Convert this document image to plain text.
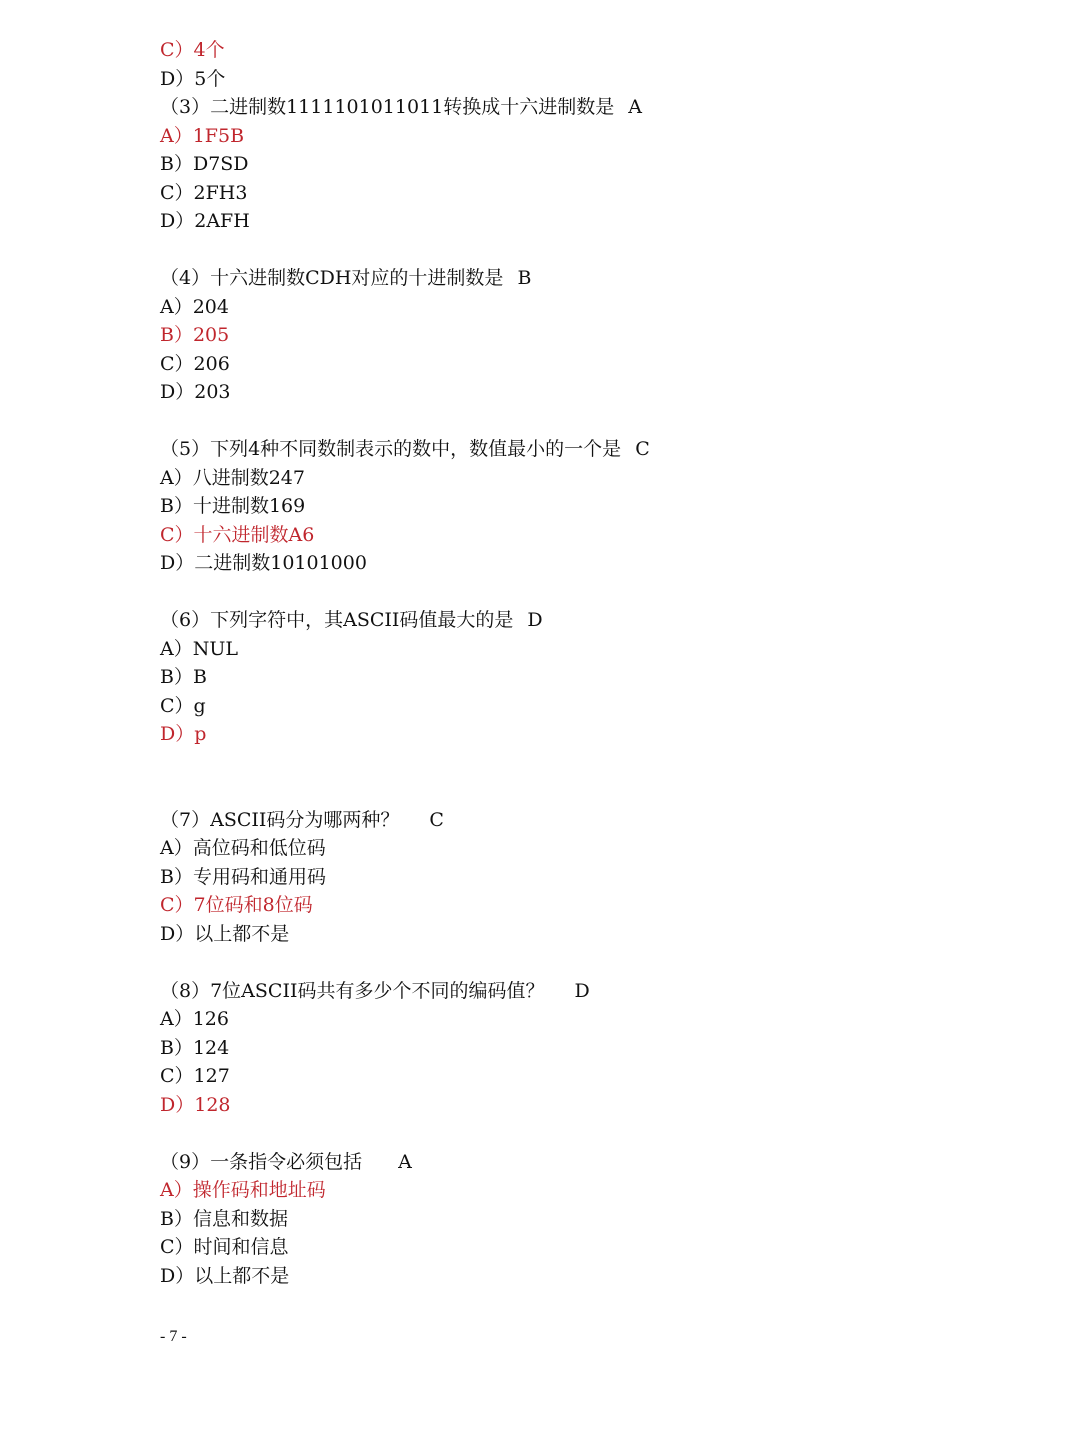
C）4个
D）5个
（3）二进制数1111101011011转换成十六进制数是 A
A）1F5B
B）D7SD
C）2FH3
D）2AFH
（4）十六进制数CDH对应的十进制数是 B
A）204
B）205
C）206
D）203
（5）下列4种不同数制表示的数中，数值最小的一个是 C
A）八进制数247
B）十进制数169
C）十六进制数A6
D）二进制数10101000
（6）下列字符中，其ASCII码值最大的是 D
A）NUL
B）B
C）g
D）p
（7）ASCII码分为哪两种？ C
A）高位码和低位码
B）专用码和通用码
C）7位码和8位码
D）以上都不是
（8）7位ASCII码共有多少个不同的编码值？ D
A）126
B）124
C）127
D）128
（9）一条指令必须包括 A
A）操作码和地址码
B）信息和数据
C）时间和信息
D）以上都不是
- 7 -
